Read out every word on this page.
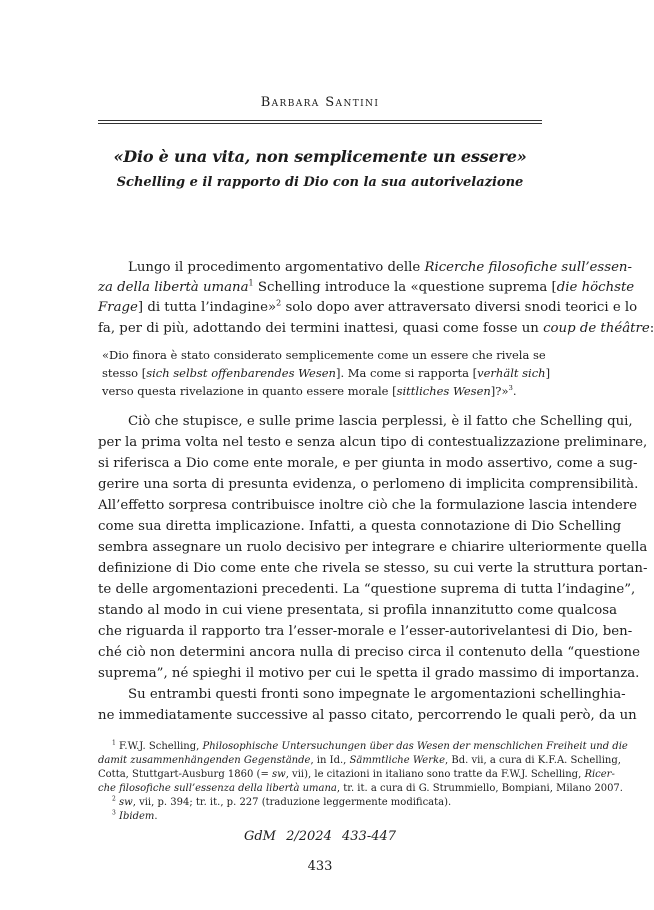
Barbara Santini
«Dio è una vita, non semplicemente un essere»
Schelling e il rapporto di Dio con la sua autorivelazione
Lungo il procedimento argomentativo delle Ricerche filosofiche sull’essen-
za della libertà umana$^1$ Schelling introduce la «questione suprema [die höchste
Frage] di tutta l’indagine»$^2$ solo dopo aver attraversato diversi snodi teorici e lo
fa, per di più, adottando dei termini inattesi, quasi come fosse un coup de théâtre:
«Dio finora è stato considerato semplicemente come un essere che rivela se
stesso [sich selbst offenbarendes Wesen]. Ma come si rapporta [verhält sich]
verso questa rivelazione in quanto essere morale [sittliches Wesen]?»$^3$.
Ciò che stupisce, e sulle prime lascia perplessi, è il fatto che Schelling qui,
per la prima volta nel testo e senza alcun tipo di contestualizzazione preliminare,
si riferisca a Dio come ente morale, e per giunta in modo assertivo, come a sug-
gerire una sorta di presunta evidenza, o perlomeno di implicita comprensibilità.
All’effetto sorpresa contribuisce inoltre ciò che la formulazione lascia intendere
come sua diretta implicazione. Infatti, a questa connotazione di Dio Schelling
sembra assegnare un ruolo decisivo per integrare e chiarire ulteriormente quella
definizione di Dio come ente che rivela se stesso, su cui verte la struttura portan-
te delle argomentazioni precedenti. La “questione suprema di tutta l’indagine”,
stando al modo in cui viene presentata, si profila innanzitutto come qualcosa
che riguarda il rapporto tra l’esser-morale e l’esser-autorivelantesi di Dio, ben-
ché ciò non determini ancora nulla di preciso circa il contenuto della “questione
suprema”, né spieghi il motivo per cui le spetta il grado massimo di importanza.
Su entrambi questi fronti sono impegnate le argomentazioni schellinghia-
ne immediatamente successive al passo citato, percorrendo le quali però, da un
$^1$ F.W.J. Schelling, Philosophische Untersuchungen über das Wesen der menschlichen Freiheit und die
damit zusammenhängenden Gegenstände, in Id., Sämmtliche Werke, Bd. vii, a cura di K.F.A. Schelling,
Cotta, Stuttgart-Ausburg 1860 (= sw, vii), le citazioni in italiano sono tratte da F.W.J. Schelling, Ricer-
che filosofiche sull’essenza della libertà umana, tr. it. a cura di G. Strummiello, Bompiani, Milano 2007.
$^2$ sw, vii, p. 394; tr. it., p. 227 (traduzione leggermente modificata).
$^3$ Ibidem.
GdM 2/2024 433-447
433
